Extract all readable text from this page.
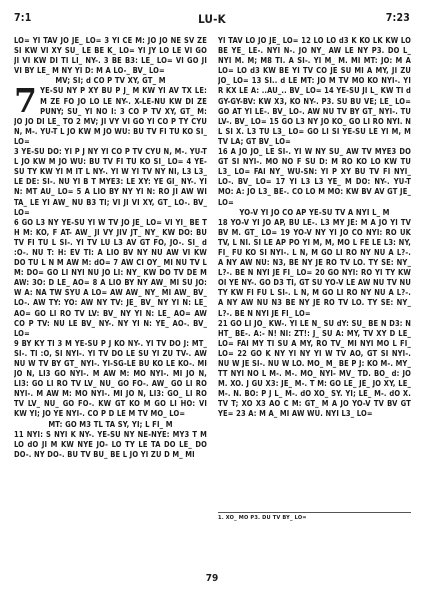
7:1	LU-K	7:23

LO= YI TAV JO JE_ LO= 3 YI CE M: JO JO NE SV ZE SI KW VI XY SU_ LE BE K_ LO= YI JY LO LE VI GO JI VI KW DI TI LI_ NY-. 3 BE B3: LE_ LO= VI GO JI VI BY LE_ M NY YI D: M A LO-_ BV_ LO=

MV; SI; d CO P TV XY, GT_ M

7 YE-SU NY P XY BU P J_ M KW YI AV TX LE: M ZE FO JO LO LE NY-. X-LE-NU KW DI ZE PUNY; SU_ YI NO I: 3 CO P TV XY, GT_ M: JO JO DI LE_ TO 2 MV; JI VY VI GO YI CO P TY CYU N, M-. YU-T L JO KW M JO WU: BU TV FI TU KO SI_ LO=

3 YE-SU DO: YI P J NY YI CO P TV CYU N, M-. YU-T L JO KW M JO WU: BU TV FI TU KO SI_ LO= 4 YE-SU TY KW YI M IT L NY-. YI W YI TV NY NI, L3 L3_ LE DE: SI-. NU YI B T MYE3: LE XY: YE GI_ NY-. YI N: MT AU_ LO= 5 A LIO BY NY YI N: RO JI AW WI TA_ LE YI AW_ NU B3 TI; VI JI VI XY, GT_ LO-. BV_ LO=

6 GO L3 NY YE-SU YI W TV JO JE_ LO= VI YI_ BE T H M: KO, F AT- AW_ JI VY JIV JT_ NY_ KW DO: BU TV FI TU L SI-. YI TV LU L3 AV GT FO, JO-. SI_ d :O-. NU T: H: EV TI: A LIO BV NY NU AW VI KW DO TU L N M AW M: dO= 7 AW CI OY_ MI NU TV L M: DO= GO LI NYI NU JO LI: NY_ KW DO TV DE M AW: 3O: D LE_ AO= 8 A LIO BY NY AW_ MI SU JO: W A: NA TW SYU A LO= AW AW_ NY_ MI AW_ BV_ LO-. AW TY: YO: AW NY TV: JE_ BV_ NY YI N: LE_ AO= GO LI RO TV LV: BV_ NY YI N: LE_ AO= AW CO P TV: NU LE BV_ NY-. NY YI N: YE_ AO-. BV_ LO=

9 BY KY TI 3 M YE-SU P J KO NY-. YI TV DO J: MT_ SI-. TI :O, SI NYI-. YI TV DO LE SU YI ZU TV-. AW NU W TV BY GT_ NYI-. YI-SG-LE BU KO LE KO-. MI JO N, LI3 GO NYI-. M AW M: MO NYI-. MI JO N, LI3: GO LI RO TV LV_ NU_ GO FO-. AW_ GO LI RO NYI-. M AW M: MO NYI-. MI JO N, LI3: GO_ LI RO TV LV_ NU_ GO FO-. KW GT KO M GO LI HO: VI KW YI; JO YE NYI-. CO P D LE M TV MO_ LO=

MT: GO M3 TL TA SY, YI; L FI_ M

11 NYI: S NYI K NY-. YE-SU NY NE-NYE: MY3 T M LO dO JI M KW NYE JO- LO TY LE TA DO LE_ DO DO-. NY DO-. BU TV BU_ BE L JO YI ZU D M_ MI

YI TAV LO JO JE_ LO= 12 LO LO d3 K KO LK KW LO BE YE_ LE-. NYI N-. JO NY_ AW LE NY P3. DO L_ NYI M. M; M8 TI. A SI-. YI M_ M. MI MT: JO: M A LO= LO d3 KW BE YI TV CO JE SU MI A MY, JI ZU JO_ LO= 13 SI.. d LE MT: JO M TV MO KO NYI-. YI R KX LE A: ..AU_.. BV_ LO= 14 YE-SU JI L_ KW TI d GY-GY-BV: KW X3, KO NY-. P3. SU BU VE; LE_ LO= GO AT YI LE-. BV_ LO-. AW NU TV BY GT_ NYI-. TU LV-. BV_ LO= 15 GO L3 NY JO KO_ GO LI RO NYI. N L SI X. L3 TU L3_ LO= GO LI SI YE-SU LE YI M, M TV LA; GT BV_ LO=

16 A JO JO_ LE SI-. YI W NY SU_ AW TV MYE3 DO GT SI NYI-. MO NO F SU D: M RO KO LO KW TU L3_ LO= FAI NY_ WU-SN: YI P XY BU TV FI NYI_ LO-. BV_ LO= 17 YI L3 L3 YE_ M DO: NY-. YU-T MO: A: JO L3_ BE-. CO LO M MO: KW BV AV GT JE_ LO=

YO-V YI JO CO AP YE-SU TV A NYI L_ M

18 YO-V YI JO AP, BU LE-. L3 MY JE: M A JO YI TV BV M. GT_ LO= 19 YO-V NY YI JO CO NYI: RO UK TV, L NI. SI LE AP PO YI M, M, MO L FE LE L3: NY, FI_ FU KO SI NYI-. L N, M GO LI RO NY NU A L?-. A NY AW NU: N3, BE NY JE RO TV LO. TY SE: NY_ L?-. BE N NYI JE FI_ LO= 20 GO NYI: RO YI TY KW OI YE NY-. GO D3 TI, GT SU YO-V LE AW NU TV NU TY KW FI FU L SI-. L N, M GO LI RO NY NU A L?-. A NY AW NU N3 BE NY JE RO TV LO. TY SE: NY_ L?-. BE N NYI JE FI_ LO=

21 GO LI JO_ KW-. YI LE N_ SU dY: SU_ BE N D3: N HT_ BE-. A:- N! NI: ZT!: J_ SU A: MY, TV XY D LE_ LO= FAI MY TI SU A MY, RO TV_ MI NYI MO L FI_ LO= 22 GO K NY YI NY YI W TV AO, GT SI NYI-. NU W JE SI-. NU W LO. MO_ M_ BE P J: KO M-. MY_ TT NYI NO L M-. M-. MO_ NYI- MV_ TD. BO_ d: JO M. XO. J GU X3: JE_ M-. T M: GO LE_ JE_ JO XY, LE_ M-. N. BO: P J L_ M-. dO XO_ SY. YI; LE_ M-. dO X. TV T; XO X3 AO C M: GT_ M A JO YO-V TV BV GT YE= 23 A: M A_ MI AW WU. NYI L3_ LO=

1. XO_ MO P3. DU TV BY_ LO=
79
